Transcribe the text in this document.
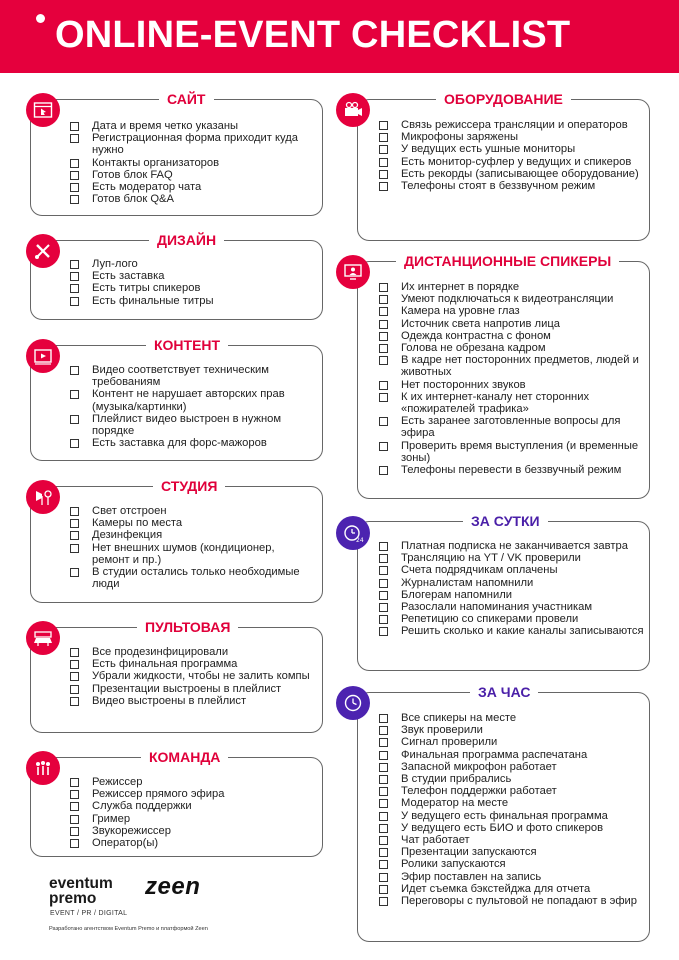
ONLINE-EVENT CHECKLIST
САЙТ
Дата и время четко указаны
Регистрационная форма приходит куда нужно
Контакты организаторов
Готов блок FAQ
Есть модератор чата
Готов блок Q&A
ДИЗАЙН
Луп-лого
Есть заставка
Есть титры спикеров
Есть финальные титры
КОНТЕНТ
Видео соответствует техническим требованиям
Контент не нарушает авторских прав (музыка/картинки)
Плейлист видео выстроен в нужном порядке
Есть заставка для форс-мажоров
СТУДИЯ
Свет отстроен
Камеры по места
Дезинфекция
Нет внешних шумов (кондиционер, ремонт и пр.)
В студии остались только необходимые люди
ПУЛЬТОВАЯ
Все продезинфицировали
Есть финальная программа
Убрали жидкости, чтобы не залить компы
Презентации выстроены в плейлист
Видео выстроены в плейлист
КОМАНДА
Режиссер
Режиссер прямого эфира
Служба поддержки
Гример
Звукорежиссер
Оператор(ы)
ОБОРУДОВАНИЕ
Связь режиссера трансляции и операторов
Микрофоны заряжены
У ведущих есть ушные мониторы
Есть монитор-суфлер у ведущих и спикеров
Есть рекорды (записывающее оборудование)
Телефоны стоят в беззвучном режим
ДИСТАНЦИОННЫЕ СПИКЕРЫ
Их интернет в порядке
Умеют подключаться к видеотрансляции
Камера на уровне глаз
Источник света напротив лица
Одежда контрастна с фоном
Голова не обрезана кадром
В кадре нет посторонних предметов, людей и животных
Нет посторонних звуков
К их интернет-каналу нет сторонних «пожирателей трафика»
Есть заранее заготовленные вопросы для эфира
Проверить время выступления (и временные зоны)
Телефоны перевести в беззвучный режим
ЗА СУТКИ
24	Платная подписка не заканчивается завтра
Трансляцию на YT / VK проверили
Счета подрядчикам оплачены
Журналистам напомнили
Блогерам напомнили
Разослали напоминания участникам
Репетицию со спикерами провели
Решить сколько и какие каналы записываются
ЗА ЧАС
Все спикеры на месте
Звук проверили
Сигнал проверили
Финальная программа распечатана
Запасной микрофон работает
В студии прибрались
Телефон поддержки работает
Модератор на месте
У ведущего есть финальная программа
У ведущего есть БИО и фото спикеров
Чат работает
Презентации запускаются
Ролики запускаются
Эфир поставлен на запись
Идет съемка бэкстейджа для отчета
Переговоры с пультовой не попадают в эфир
eventum
premo	zeen
EVENT / PR / DIGITAL
Разработано агентством Eventum Premo и платформой Zeen
